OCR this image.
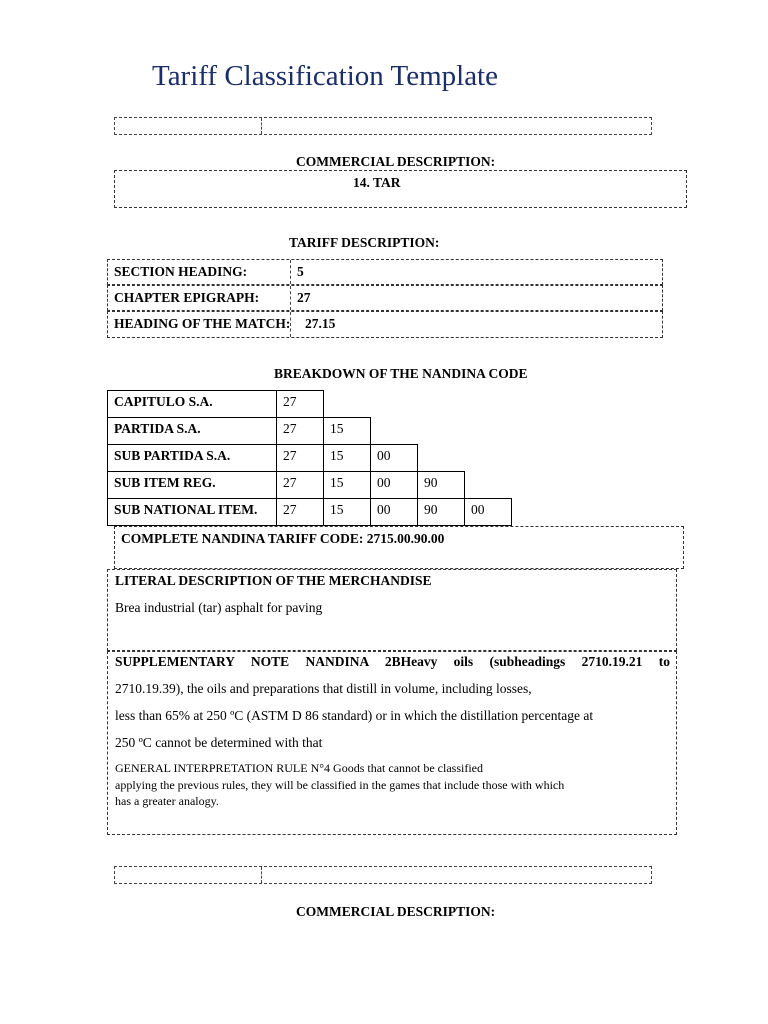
Tariff Classification Template
COMMERCIAL DESCRIPTION:
14. TAR
TARIFF DESCRIPTION:
SECTION HEADING:	5
CHAPTER EPIGRAPH:	27
HEADING OF THE MATCH: 27.15
BREAKDOWN OF THE NANDINA CODE
CAPITULO S.A.	27
PARTIDA S.A.	27	15
SUB PARTIDA S.A.	27	15	00
SUB ITEM REG.	27	15	00	90
SUB NATIONAL ITEM.	27	15	00	90	00
COMPLETE NANDINA TARIFF CODE: 2715.00.90.00
LITERAL DESCRIPTION OF THE MERCHANDISE
Brea industrial (tar) asphalt for paving
SUPPLEMENTARY NOTE NANDINA 2BHeavy oils (subheadings 2710.19.21 to
2710.19.39), the oils and preparations that distill in volume, including losses,
less than 65% at 250 ºC (ASTM D 86 standard) or in which the distillation percentage at
250 ºC cannot be determined with that
GENERAL INTERPRETATION RULE N°4 Goods that cannot be classified
applying the previous rules, they will be classified in the games that include those with which
has a greater analogy.
COMMERCIAL DESCRIPTION:
